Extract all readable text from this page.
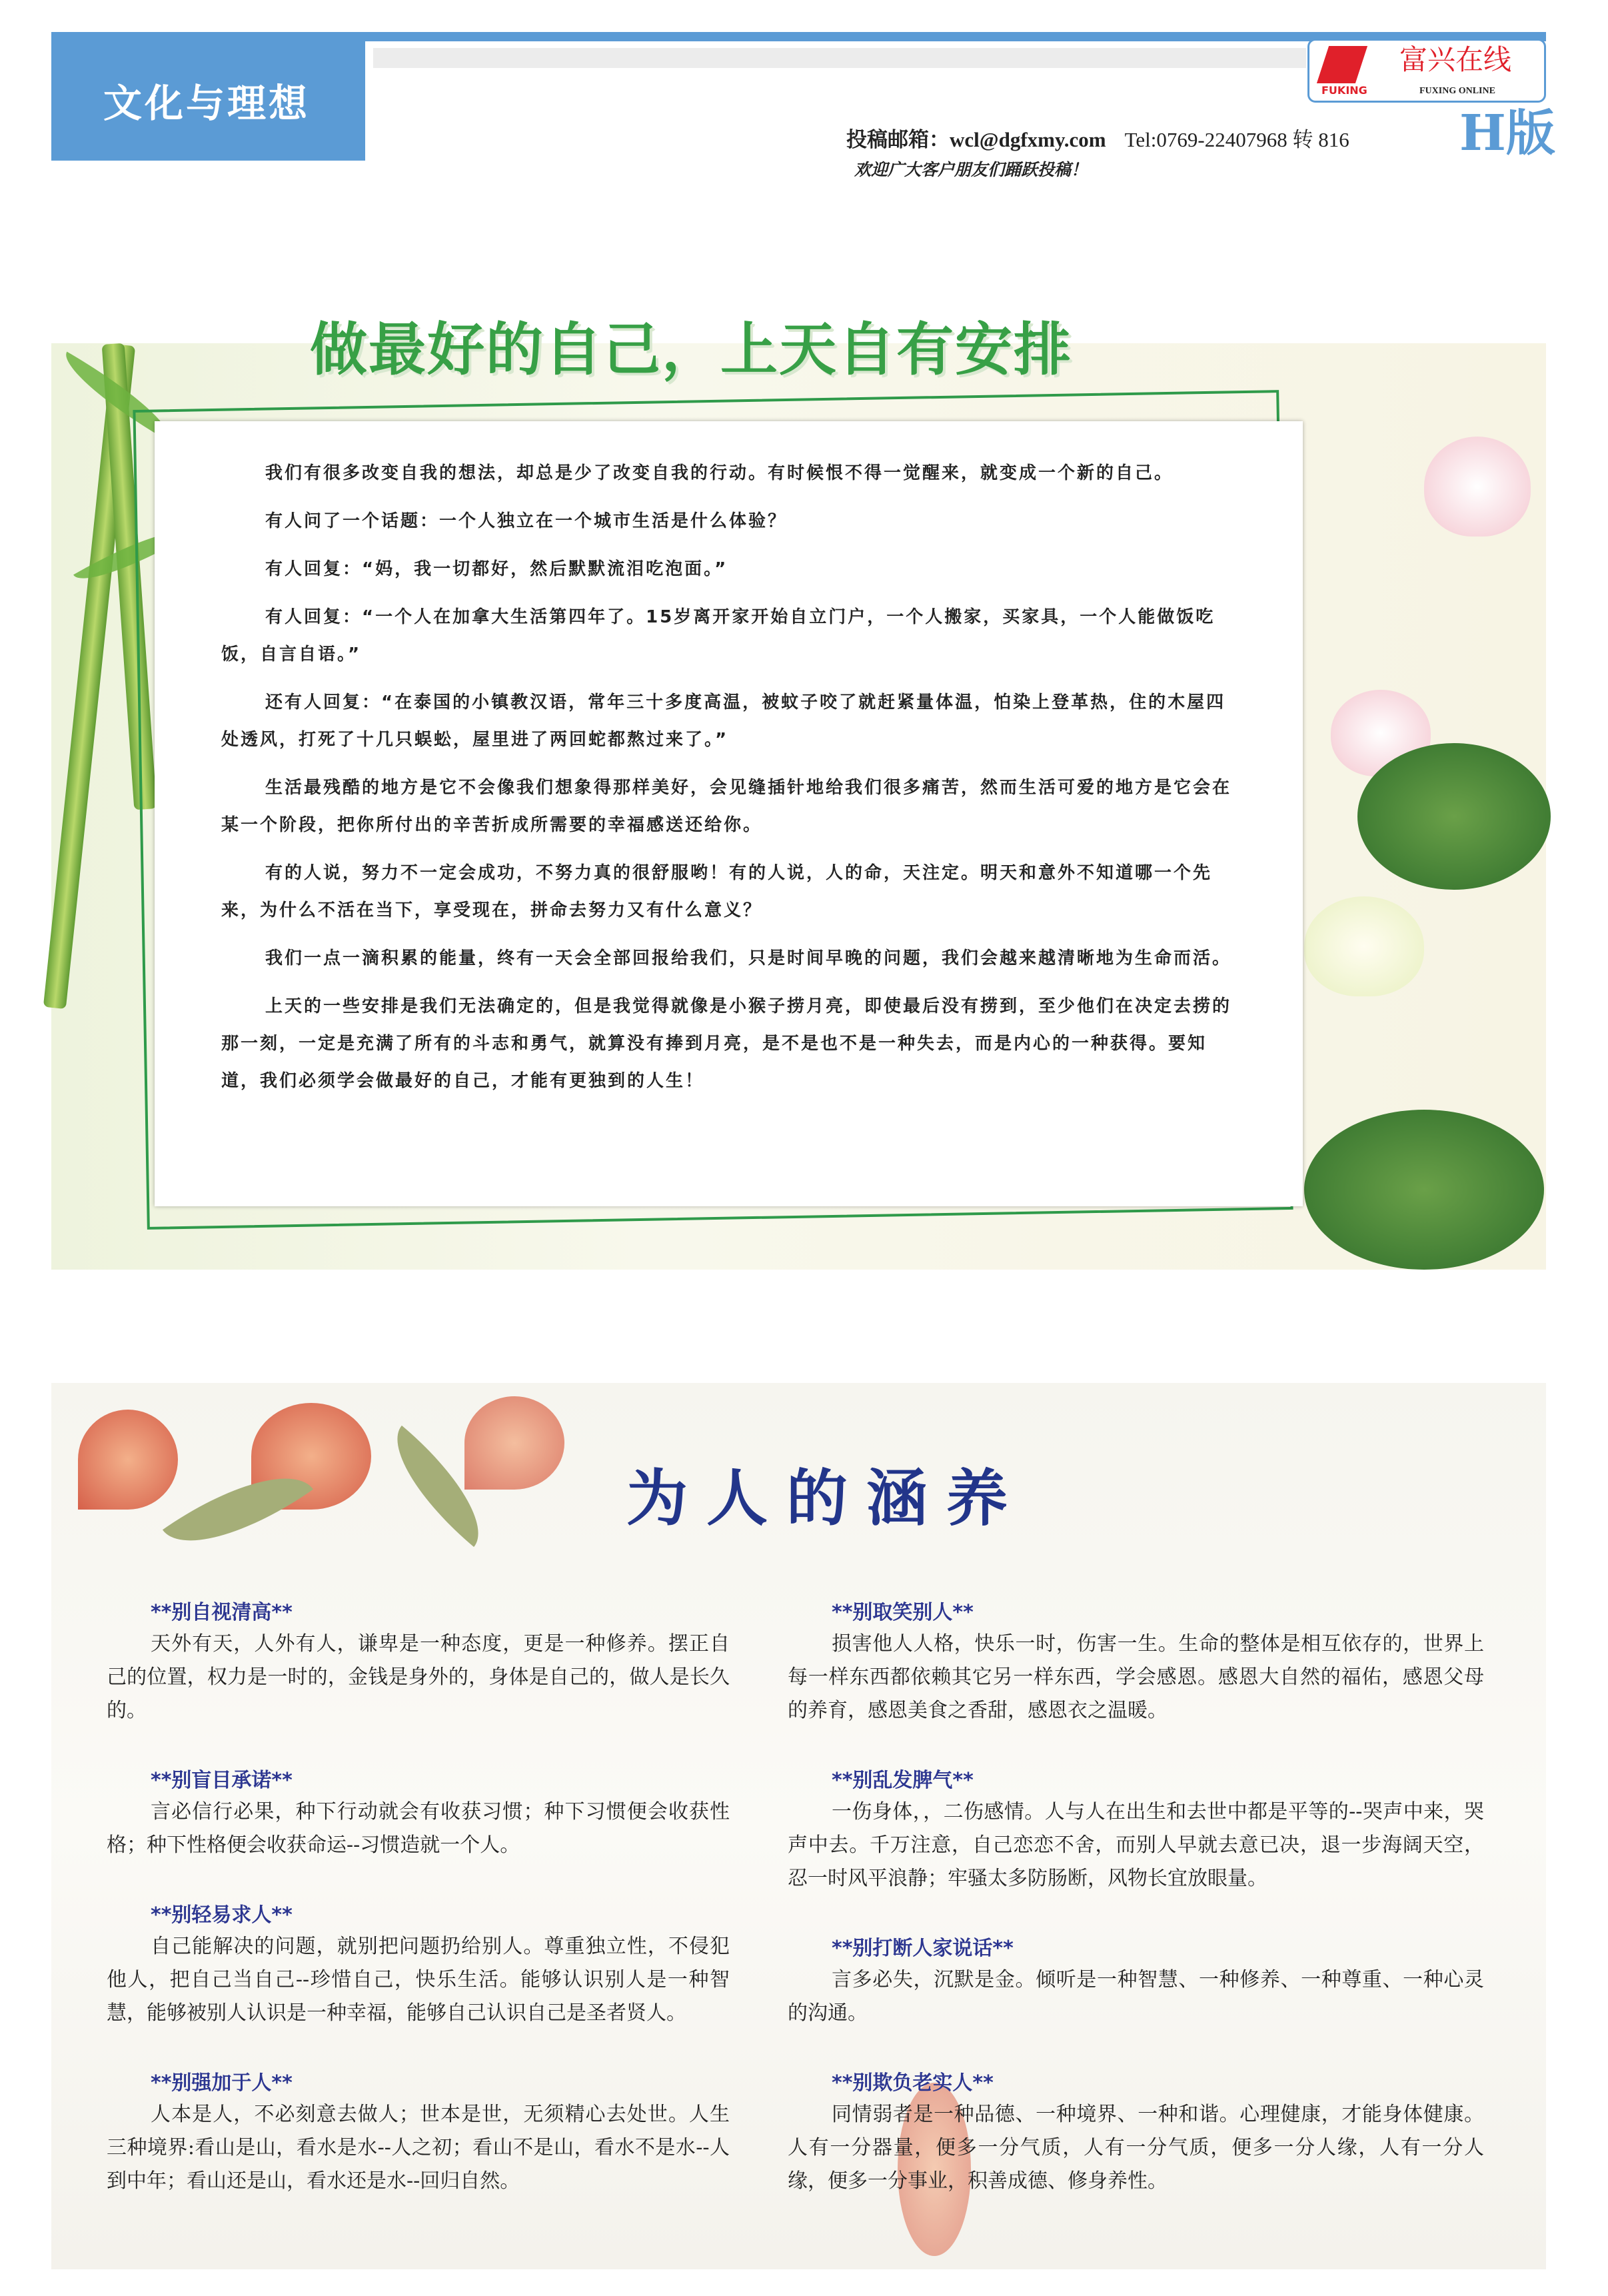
文化与理想	FUKING
富兴在线
FUXING ONLINE
投稿邮箱：wcl@dgfxmy.com Tel:0769-22407968 转 816
欢迎广大客户朋友们踊跃投稿！
H版
做最好的自己，上天自有安排

我们有很多改变自我的想法，却总是少了改变自我的行动。有时候恨不得一觉醒来，就变成一个新的自己。

有人问了一个话题：一个人独立在一个城市生活是什么体验？

有人回复：“妈，我一切都好，然后默默流泪吃泡面。”

有人回复：“一个人在加拿大生活第四年了。15岁离开家开始自立门户，一个人搬家，买家具，一个人能做饭吃饭，自言自语。”

还有人回复：“在泰国的小镇教汉语，常年三十多度高温，被蚊子咬了就赶紧量体温，怕染上登革热，住的木屋四处透风，打死了十几只蜈蚣，屋里进了两回蛇都熬过来了。”

生活最残酷的地方是它不会像我们想象得那样美好，会见缝插针地给我们很多痛苦，然而生活可爱的地方是它会在某一个阶段，把你所付出的辛苦折成所需要的幸福感送还给你。

有的人说，努力不一定会成功，不努力真的很舒服哟！有的人说，人的命，天注定。明天和意外不知道哪一个先来，为什么不活在当下，享受现在，拼命去努力又有什么意义？

我们一点一滴积累的能量，终有一天会全部回报给我们，只是时间早晚的问题，我们会越来越清晰地为生命而活。

上天的一些安排是我们无法确定的，但是我觉得就像是小猴子捞月亮，即使最后没有捞到，至少他们在决定去捞的那一刻，一定是充满了所有的斗志和勇气，就算没有捧到月亮，是不是也不是一种失去，而是内心的一种获得。要知道，我们必须学会做最好的自己，才能有更独到的人生！

为人的涵养
**别自视清高**

天外有天，人外有人，谦卑是一种态度，更是一种修养。摆正自己的位置，权力是一时的，金钱是身外的，身体是自己的，做人是长久的。

**别盲目承诺**

言必信行必果，种下行动就会有收获习惯；种下习惯便会收获性格；种下性格便会收获命运--习惯造就一个人。

**别轻易求人**

自己能解决的问题，就别把问题扔给别人。尊重独立性，不侵犯他人，把自己当自己--珍惜自己，快乐生活。能够认识别人是一种智慧，能够被别人认识是一种幸福，能够自己认识自己是圣者贤人。

**别强加于人**

人本是人，不必刻意去做人；世本是世，无须精心去处世。人生三种境界:看山是山，看水是水--人之初；看山不是山，看水不是水--人到中年；看山还是山，看水还是水--回归自然。

**别取笑别人**

损害他人人格，快乐一时，伤害一生。生命的整体是相互依存的，世界上每一样东西都依赖其它另一样东西，学会感恩。感恩大自然的福佑，感恩父母的养育，感恩美食之香甜，感恩衣之温暖。

**别乱发脾气**

一伤身体，，二伤感情。人与人在出生和去世中都是平等的--哭声中来，哭声中去。千万注意，自己恋恋不舍，而别人早就去意已决，退一步海阔天空，忍一时风平浪静；牢骚太多防肠断，风物长宜放眼量。

**别打断人家说话**

言多必失，沉默是金。倾听是一种智慧、一种修养、一种尊重、一种心灵的沟通。

**别欺负老实人**

同情弱者是一种品德、一种境界、一种和谐。心理健康，才能身体健康。人有一分器量，便多一分气质，人有一分气质，便多一分人缘，人有一分人缘，便多一分事业，积善成德、修身养性。
